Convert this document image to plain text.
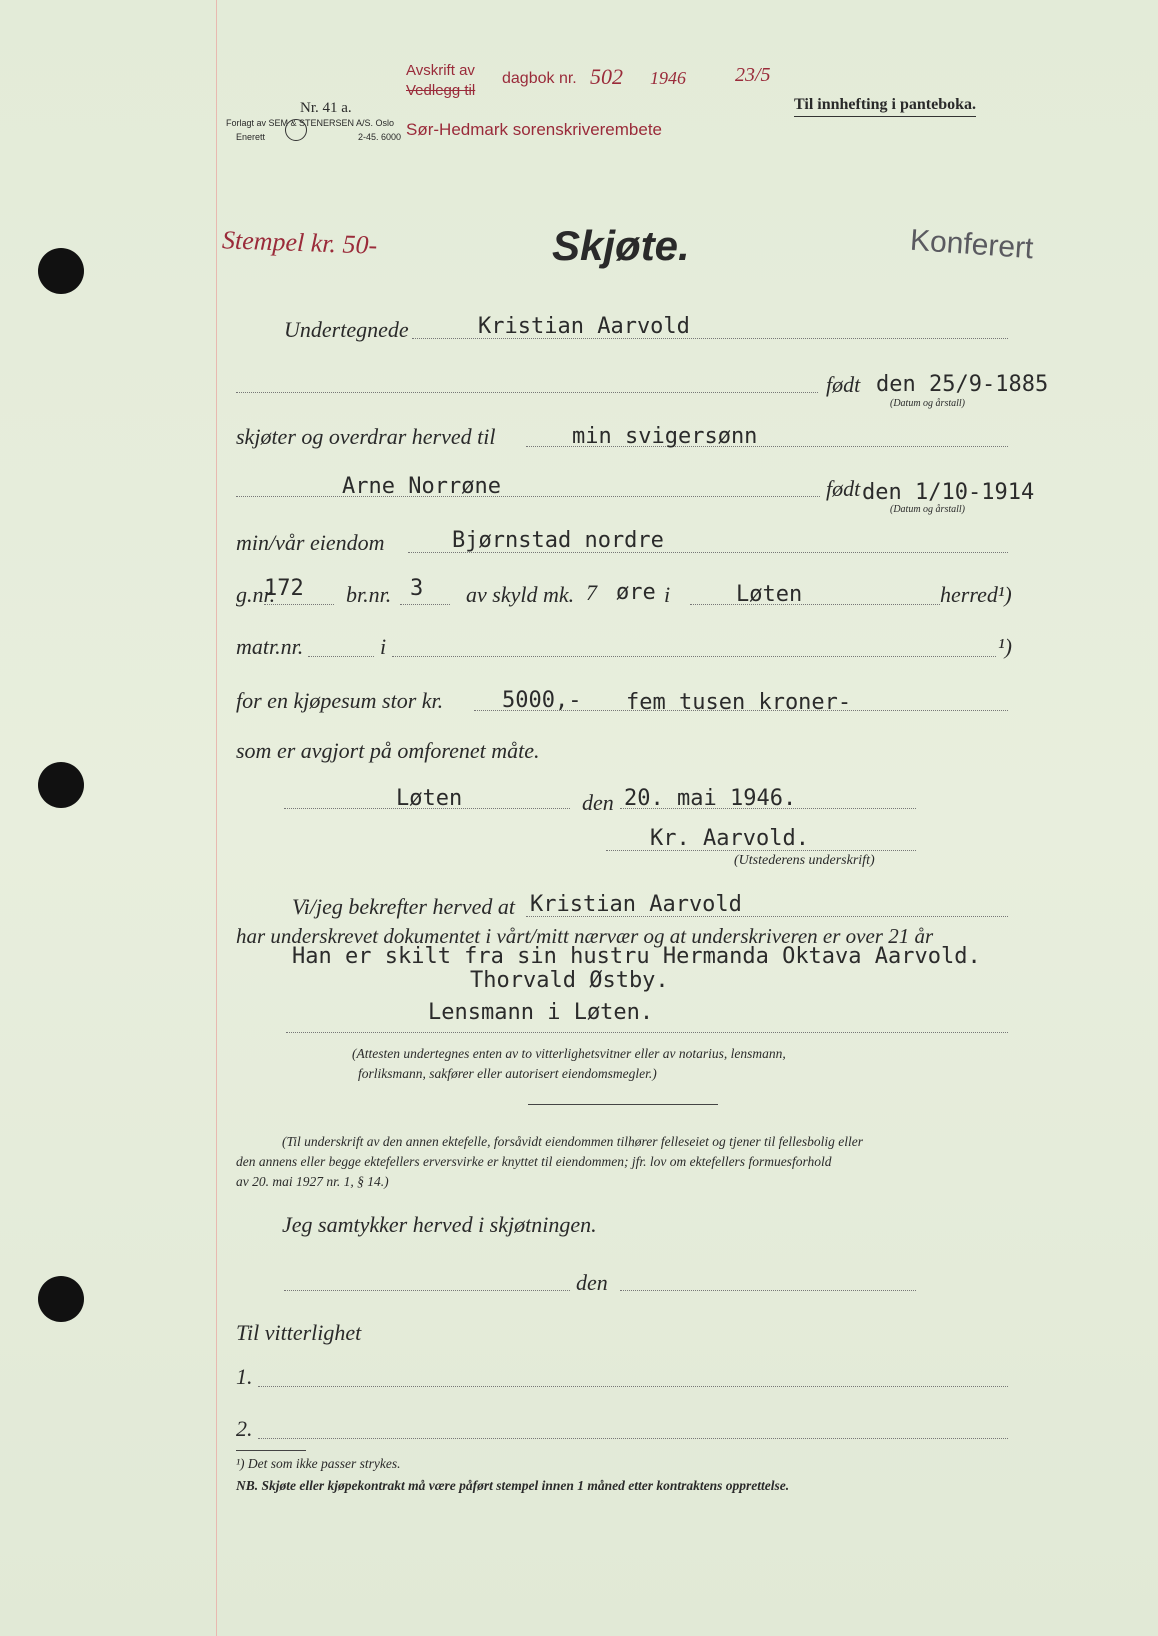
Nr. 41 a.
Forlagt av SEM & STENERSEN A/S. Oslo
Enerett	2-45. 6000
Avskrift av
Vedlegg til
dagbok nr. 502 1946 23/5
Sør-Hedmark sorenskriverembete
Til innhefting i panteboka.
Stempel kr. 50-	Konferert
Skjøte.
Undertegnede	Kristian Aarvold
født den 25/9-1885
(Datum og årstall)
skjøter og overdrar herved til	min svigersønn
Arne Norrøne	født den 1/10-1914
(Datum og årstall)
min/vår eiendom	Bjørnstad nordre
g.nr.
172 br.nr. 3 av skyld mk. 7 øre i	Løten	herred¹)
matr.nr.	i	¹)
for en kjøpesum stor kr.	5000,- fem tusen kroner-
som er avgjort på omforenet måte.
Løten	den 20. mai 1946.
Kr. Aarvold.
(Utstederens underskrift)
Vi/jeg bekrefter herved at Kristian Aarvold
har underskrevet dokumentet i vårt/mitt nærvær og at underskriveren er over 21 år
Han er skilt fra sin hustru Hermanda Oktava Aarvold.
Thorvald Østby.
Lensmann i Løten.
(Attesten undertegnes enten av to vitterlighetsvitner eller av notarius, lensmann,
forliksmann, sakfører eller autorisert eiendomsmegler.)
(Til underskrift av den annen ektefelle, forsåvidt eiendommen tilhører felleseiet og tjener til fellesbolig eller
den annens eller begge ektefellers erversvirke er knyttet til eiendommen; jfr. lov om ektefellers formuesforhold
av 20. mai 1927 nr. 1, § 14.)
Jeg samtykker herved i skjøtningen.
den
Til vitterlighet
1.
2.
¹) Det som ikke passer strykes.
NB. Skjøte eller kjøpekontrakt må være påført stempel innen 1 måned etter kontraktens opprettelse.
